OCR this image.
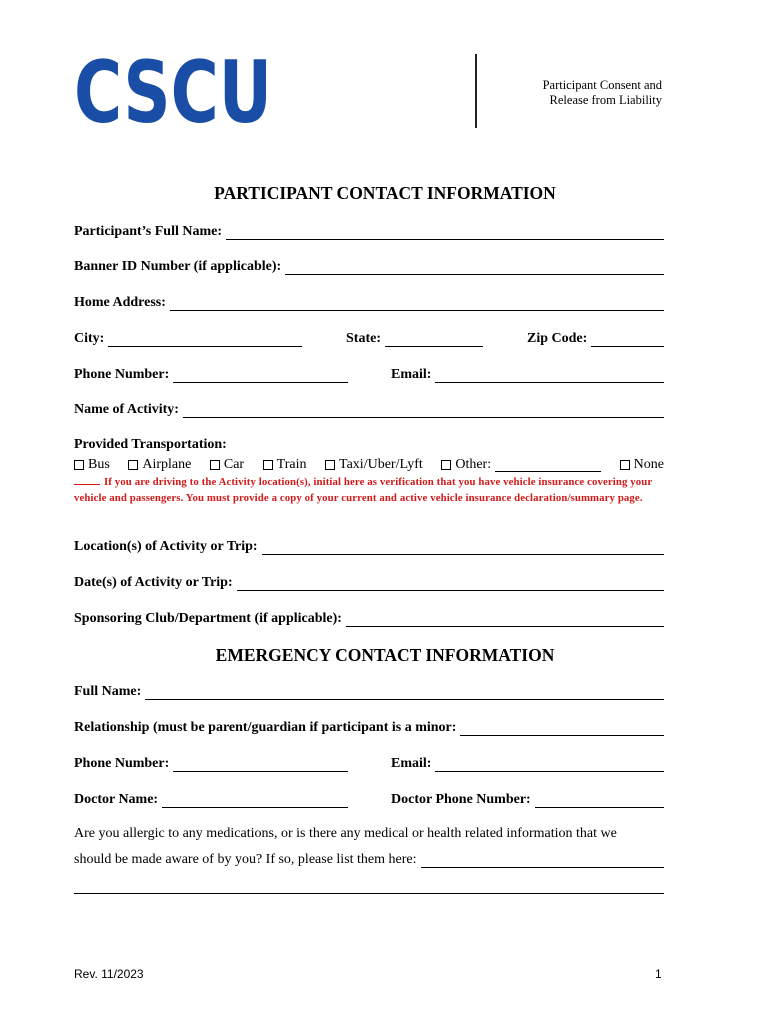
CSCU	Participant Consent and
Release from Liability
PARTICIPANT CONTACT INFORMATION
Participant’s Full Name:
Banner ID Number (if applicable):
Home Address:
City:	State:	Zip Code:
Phone Number:	Email:
Name of Activity:
Provided Transportation:
Bus Airplane Car Train Taxi/Uber/Lyft Other:	None
If you are driving to the Activity location(s), initial here as verification that you have vehicle insurance covering your vehicle and passengers. You must provide a copy of your current and active vehicle insurance declaration/summary page.
Location(s) of Activity or Trip:
Date(s) of Activity or Trip:
Sponsoring Club/Department (if applicable):
EMERGENCY CONTACT INFORMATION
Full Name:
Relationship (must be parent/guardian if participant is a minor:
Phone Number:	Email:
Doctor Name:	Doctor Phone Number:
Are you allergic to any medications, or is there any medical or health related information that we
should be made aware of by you? If so, please list them here:
Rev. 11/2023	1
